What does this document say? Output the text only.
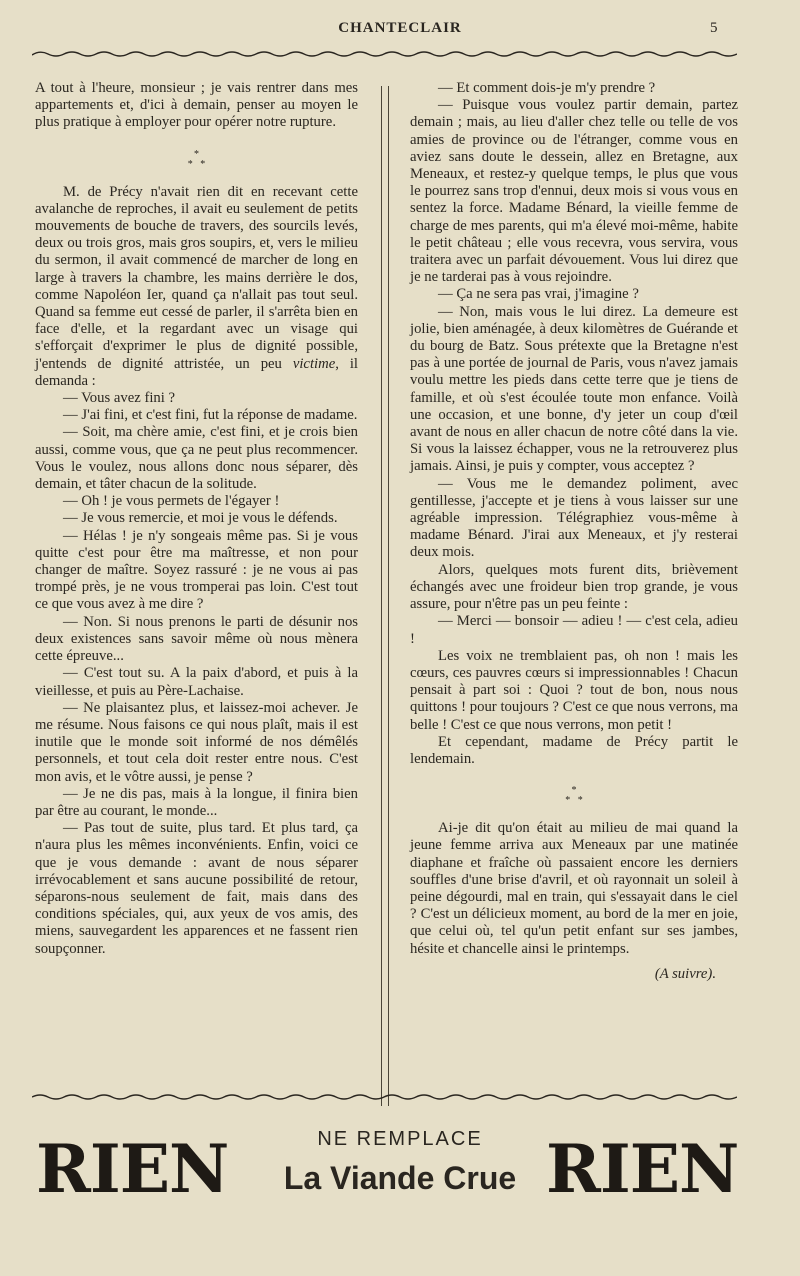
CHANTECLAIR	5

A tout à l'heure, monsieur ; je vais rentrer dans mes appartements et, d'ici à demain, penser au moyen le plus pratique à employer pour opérer notre rupture.

*
*   *

M. de Précy n'avait rien dit en recevant cette avalanche de reproches, il avait eu seulement de petits mouvements de bouche de travers, des sourcils levés, deux ou trois gros, mais gros soupirs, et, vers le milieu du sermon, il avait commencé de marcher de long en large à travers la chambre, les mains derrière le dos, comme Napoléon Ier, quand ça n'allait pas tout seul. Quand sa femme eut cessé de parler, il s'arrêta bien en face d'elle, et la regardant avec un visage qui s'efforçait d'exprimer le plus de dignité possible, j'entends de dignité attristée, un peu victime, il demanda :

— Vous avez fini ?

— J'ai fini, et c'est fini, fut la réponse de madame.

— Soit, ma chère amie, c'est fini, et je crois bien aussi, comme vous, que ça ne peut plus recommencer. Vous le voulez, nous allons donc nous séparer, dès demain, et tâter chacun de la solitude.

— Oh ! je vous permets de l'égayer !

— Je vous remercie, et moi je vous le défends.

— Hélas ! je n'y songeais même pas. Si je vous quitte c'est pour être ma maîtresse, et non pour changer de maître. Soyez rassuré : je ne vous ai pas trompé près, je ne vous tromperai pas loin. C'est tout ce que vous avez à me dire ?

— Non. Si nous prenons le parti de désunir nos deux existences sans savoir même où nous mènera cette épreuve...

— C'est tout su. A la paix d'abord, et puis à la vieillesse, et puis au Père-Lachaise.

— Ne plaisantez plus, et laissez-moi achever. Je me résume. Nous faisons ce qui nous plaît, mais il est inutile que le monde soit informé de nos démêlés personnels, et tout cela doit rester entre nous. C'est mon avis, et le vôtre aussi, je pense ?

— Je ne dis pas, mais à la longue, il finira bien par être au courant, le monde...

— Pas tout de suite, plus tard. Et plus tard, ça n'aura plus les mêmes inconvénients. Enfin, voici ce que je vous demande : avant de nous séparer irrévocablement et sans aucune possibilité de retour, séparons-nous seulement de fait, mais dans des conditions spéciales, qui, aux yeux de vos amis, des miens, sauvegardent les apparences et ne fassent rien soupçonner.

— Et comment dois-je m'y prendre ?

— Puisque vous voulez partir demain, partez demain ; mais, au lieu d'aller chez telle ou telle de vos amies de province ou de l'étranger, comme vous en aviez sans doute le dessein, allez en Bretagne, aux Meneaux, et restez-y quelque temps, le plus que vous le pourrez sans trop d'ennui, deux mois si vous vous en sentez la force. Madame Bénard, la vieille femme de charge de mes parents, qui m'a élevé moi-même, habite le petit château ; elle vous recevra, vous servira, vous traitera avec un parfait dévouement. Vous lui direz que je ne tarderai pas à vous rejoindre.

— Ça ne sera pas vrai, j'imagine ?

— Non, mais vous le lui direz. La demeure est jolie, bien aménagée, à deux kilomètres de Guérande et du bourg de Batz. Sous prétexte que la Bretagne n'est pas à une portée de journal de Paris, vous n'avez jamais voulu mettre les pieds dans cette terre que je tiens de famille, et où s'est écoulée toute mon enfance. Voilà une occasion, et une bonne, d'y jeter un coup d'œil avant de nous en aller chacun de notre côté dans la vie. Si vous la laissez échapper, vous ne la retrouverez plus jamais. Ainsi, je puis y compter, vous acceptez ?

— Vous me le demandez poliment, avec gentillesse, j'accepte et je tiens à vous laisser sur une agréable impression. Télégraphiez vous-même à madame Bénard. J'irai aux Meneaux, et j'y resterai deux mois.

Alors, quelques mots furent dits, brièvement échangés avec une froideur bien trop grande, je vous assure, pour n'être pas un peu feinte :

— Merci — bonsoir — adieu ! — c'est cela, adieu !

Les voix ne tremblaient pas, oh non ! mais les cœurs, ces pauvres cœurs si impressionnables ! Chacun pensait à part soi : Quoi ? tout de bon, nous nous quittons ! pour toujours ? C'est ce que nous verrons, ma belle ! C'est ce que nous verrons, mon petit !

Et cependant, madame de Précy partit le lendemain.

*
*   *

Ai-je dit qu'on était au milieu de mai quand la jeune femme arriva aux Meneaux par une matinée diaphane et fraîche où passaient encore les derniers souffles d'une brise d'avril, et où rayonnait un soleil à peine dégourdi, mal en train, qui s'essayait dans le ciel ? C'est un délicieux moment, au bord de la mer en joie, que celui où, tel qu'un petit enfant sur ses jambes, hésite et chancelle ainsi le printemps.

(A suivre).
RIEN	NE REMPLACE
La Viande Crue RIEN
